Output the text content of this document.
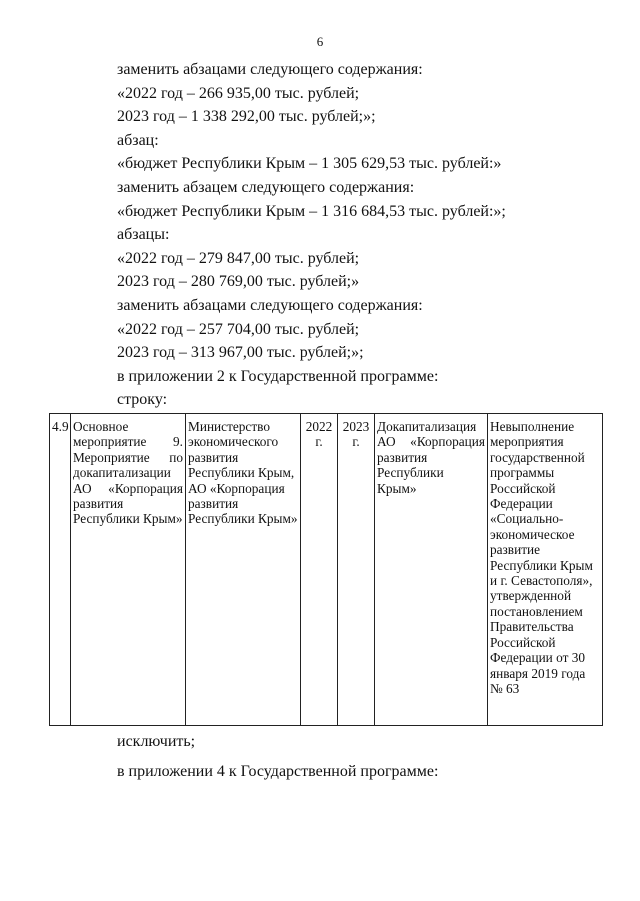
6
заменить абзацами следующего содержания:
«2022 год – 266 935,00 тыс. рублей;
2023 год – 1 338 292,00 тыс. рублей;»;
абзац:
«бюджет Республики Крым – 1 305 629,53 тыс. рублей:»
заменить абзацем следующего содержания:
«бюджет Республики Крым – 1 316 684,53 тыс. рублей:»;
абзацы:
«2022 год – 279 847,00 тыс. рублей;
2023 год – 280 769,00 тыс. рублей;»
заменить абзацами следующего содержания:
«2022 год – 257 704,00 тыс. рублей;
2023 год – 313 967,00 тыс. рублей;»;
в приложении 2 к Государственной программе:
строку:
4.9	Основное мероприятие 9. Мероприятие по докапитализации АО «Корпорация развития Республики Крым»	Министерство экономического развития Республики Крым, АО «Корпорация развития Республики Крым»	2022 г.	2023 г.	Докапитализация АО «Корпорация развития Республики Крым»	Невыполнение мероприятия государственной программы Российской Федерации «Социально-экономическое развитие Республики Крым и г. Севастополя», утвержденной постановлением Правительства Российской Федерации от 30 января 2019 года № 63
исключить;
в приложении 4 к Государственной программе:
